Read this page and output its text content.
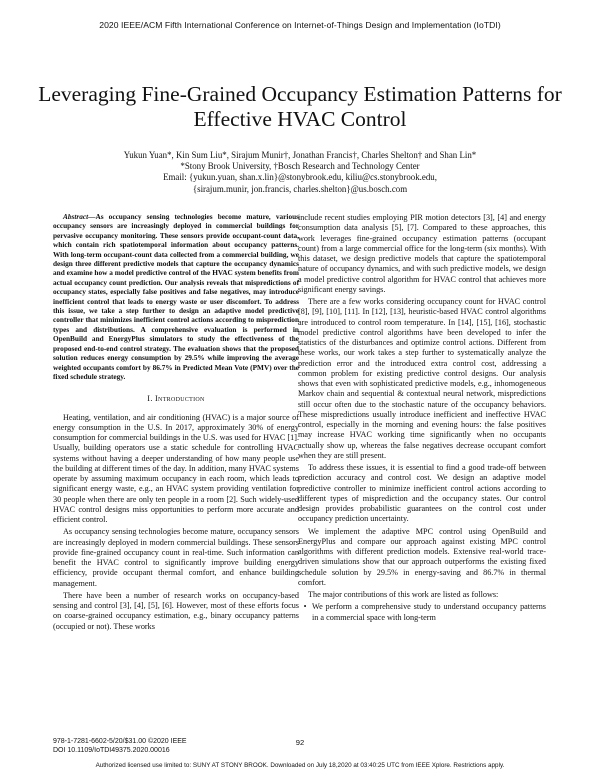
2020 IEEE/ACM Fifth International Conference on Internet-of-Things Design and Implementation (IoTDI)
Leveraging Fine-Grained Occupancy Estimation Patterns for Effective HVAC Control
Yukun Yuan*, Kin Sum Liu*, Sirajum Munir†, Jonathan Francis†, Charles Shelton† and Shan Lin*
*Stony Brook University, †Bosch Research and Technology Center
Email: {yukun.yuan, shan.x.lin}@stonybrook.edu, kiliu@cs.stonybrook.edu,
{sirajum.munir, jon.francis, charles.shelton}@us.bosch.com

Abstract—As occupancy sensing technologies become mature, various occupancy sensors are increasingly deployed in commercial buildings for pervasive occupancy monitoring. These sensors provide occupant-count data, which contain rich spatiotemporal information about occupancy patterns. With long-term occupant-count data collected from a commercial building, we design three different predictive models that capture the occupancy dynamics and examine how a model predictive control of the HVAC system benefits from actual occupancy count prediction. Our analysis reveals that mispredictions of occupancy states, especially false positives and false negatives, may introduce inefficient control that leads to energy waste or user discomfort. To address this issue, we take a step further to design an adaptive model predictive controller that minimizes inefficient control actions according to misprediction types and distributions. A comprehensive evaluation is performed in OpenBuild and EnergyPlus simulators to study the effectiveness of the proposed end-to-end control strategy. The evaluation shows that the proposed solution reduces energy consumption by 29.5% while improving the average weighted occupants comfort by 86.7% in Predicted Mean Vote (PMV) over the fixed schedule strategy.

I. Introduction

Heating, ventilation, and air conditioning (HVAC) is a major source of energy consumption in the U.S. In 2017, approximately 30% of energy consumption for commercial buildings in the U.S. was used for HVAC [1]. Usually, building operators use a static schedule for controlling HVAC systems without having a deeper understanding of how many people use the building at different times of the day. In addition, many HVAC systems operate by assuming maximum occupancy in each room, which leads to significant energy waste, e.g., an HVAC system providing ventilation for 30 people when there are only ten people in a room [2]. Such widely-used HVAC control designs miss opportunities to perform more accurate and efficient control.

As occupancy sensing technologies become mature, occupancy sensors are increasingly deployed in modern commercial buildings. These sensors provide fine-grained occupancy count in real-time. Such information can benefit the HVAC control to significantly improve building energy efficiency, provide occupant thermal comfort, and enhance building management.

There have been a number of research works on occupancy-based sensing and control [3], [4], [5], [6]. However, most of these efforts focus on coarse-grained occupancy estimation, e.g., binary occupancy patterns (occupied or not). These works

include recent studies employing PIR motion detectors [3], [4] and energy consumption data analysis [5], [7]. Compared to these approaches, this work leverages fine-grained occupancy estimation patterns (occupant count) from a large commercial office for the long-term (six months). With this dataset, we design predictive models that capture the spatiotemporal nature of occupancy dynamics, and with such predictive models, we design a model predictive control algorithm for HVAC control that achieves more significant energy savings.

There are a few works considering occupancy count for HVAC control [8], [9], [10], [11]. In [12], [13], heuristic-based HVAC control algorithms are introduced to control room temperature. In [14], [15], [16], stochastic model predictive control algorithms have been developed to infer the statistics of the disturbances and optimize control actions. Different from these works, our work takes a step further to systematically analyze the prediction error and the introduced extra control cost, addressing a common problem for existing predictive control designs. Our analysis shows that even with sophisticated predictive models, e.g., inhomogeneous Markov chain and sequential & contextual neural network, mispredictions still occur often due to the stochastic nature of the occupancy behaviors. These mispredictions usually introduce inefficient and ineffective HVAC control, especially in the morning and evening hours: the false positives may increase HVAC working time significantly when no occupants actually show up, whereas the false negatives decrease occupant comfort when they are still present.

To address these issues, it is essential to find a good trade-off between prediction accuracy and control cost. We design an adaptive model predictive controller to minimize inefficient control actions according to different types of misprediction and the occupancy states. Our control design provides probabilistic guarantees on the control cost under occupancy prediction uncertainty.

We implement the adaptive MPC control using OpenBuild and EnergyPlus and compare our approach against existing MPC control algorithms with different prediction models. Extensive real-world trace-driven simulations show that our approach outperforms the existing fixed schedule solution by 29.5% in energy-saving and 86.7% in thermal comfort.

The major contributions of this work are listed as follows:

• We perform a comprehensive study to understand occupancy patterns in a commercial space with long-term
978-1-7281-6602-5/20/$31.00 ©2020 IEEE
DOI 10.1109/IoTDI49375.2020.00016
92
Authorized licensed use limited to: SUNY AT STONY BROOK. Downloaded on July 18,2020 at 03:40:25 UTC from IEEE Xplore. Restrictions apply.
